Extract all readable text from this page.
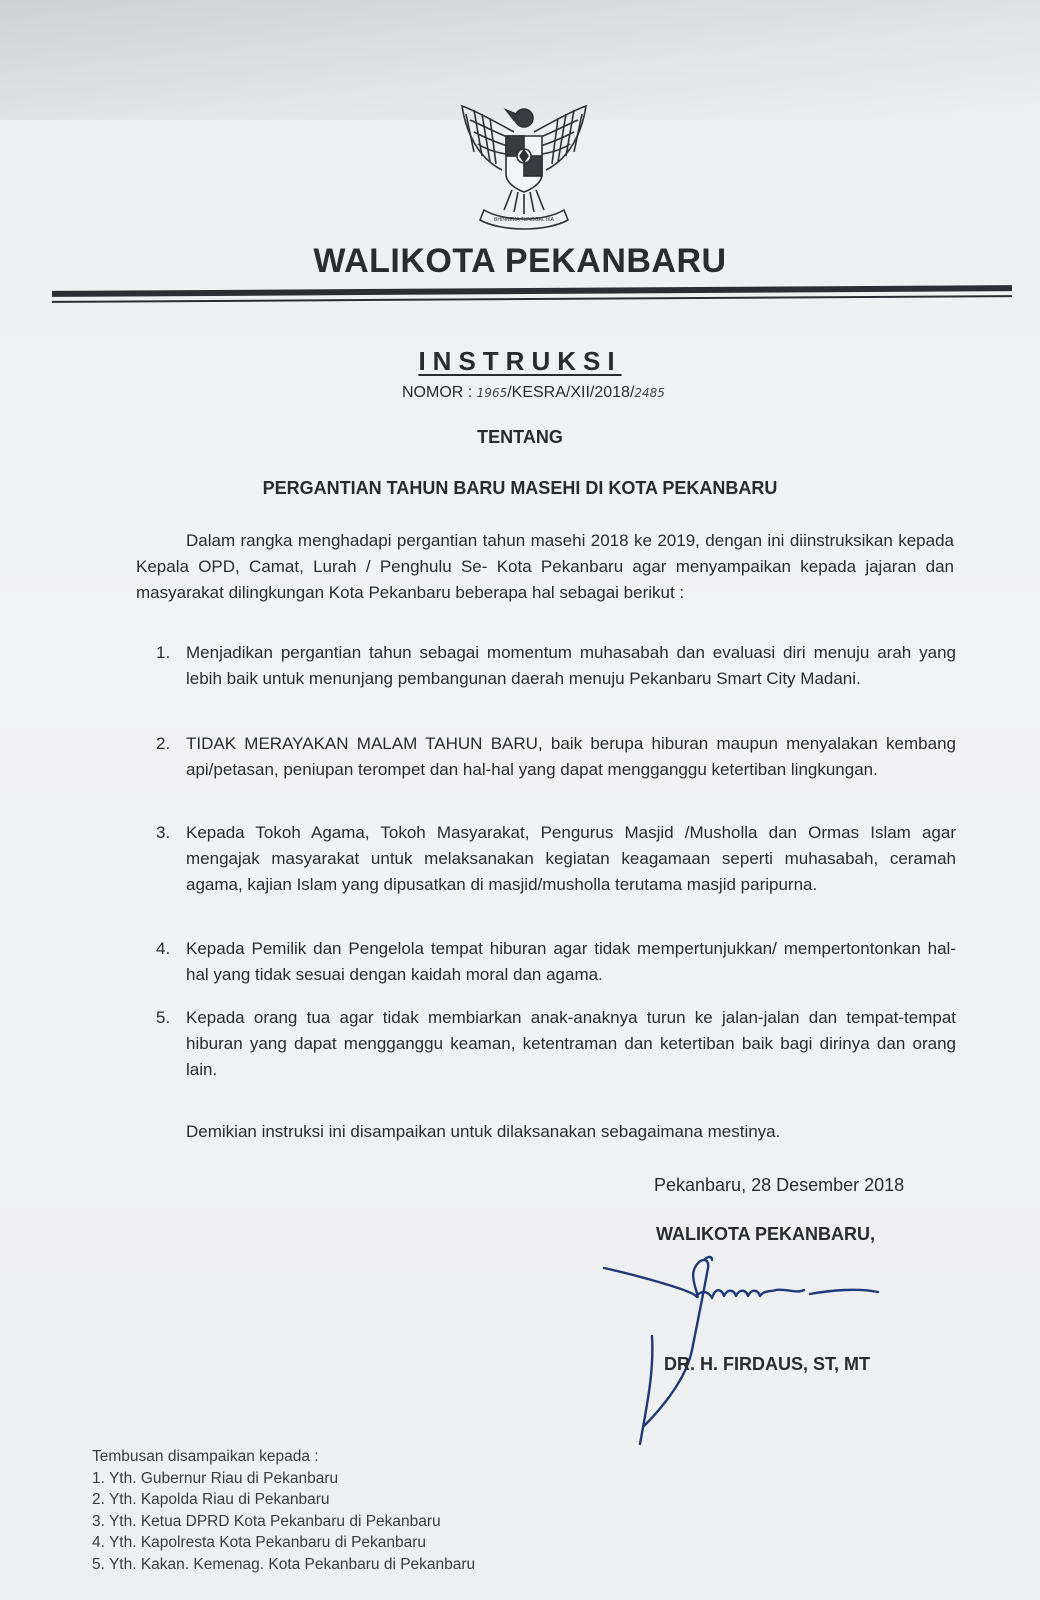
BHINNEKA TUNGGAL IKA
WALIKOTA PEKANBARU
INSTRUKSI
NOMOR : 1965/KESRA/XII/2018/2485
TENTANG
PERGANTIAN TAHUN BARU MASEHI DI KOTA PEKANBARU
Dalam rangka menghadapi pergantian tahun masehi 2018 ke 2019, dengan ini diinstruksikan kepada Kepala OPD, Camat, Lurah / Penghulu Se- Kota Pekanbaru agar menyampaikan kepada jajaran dan masyarakat dilingkungan Kota Pekanbaru beberapa hal sebagai berikut :
1. Menjadikan pergantian tahun sebagai momentum muhasabah dan evaluasi diri menuju arah yang lebih baik untuk menunjang pembangunan daerah menuju Pekanbaru Smart City Madani.
2. TIDAK MERAYAKAN MALAM TAHUN BARU, baik berupa hiburan maupun menyalakan kembang api/petasan, peniupan terompet dan hal-hal yang dapat mengganggu ketertiban lingkungan.
3. Kepada Tokoh Agama, Tokoh Masyarakat, Pengurus Masjid /Musholla dan Ormas Islam agar mengajak masyarakat untuk melaksanakan kegiatan keagamaan seperti muhasabah, ceramah agama, kajian Islam yang dipusatkan di masjid/musholla terutama masjid paripurna.
4. Kepada Pemilik dan Pengelola tempat hiburan agar tidak mempertunjukkan/ mempertontonkan hal-hal yang tidak sesuai dengan kaidah moral dan agama.
5. Kepada orang tua agar tidak membiarkan anak-anaknya turun ke jalan-jalan dan tempat-tempat hiburan yang dapat mengganggu keaman, ketentraman dan ketertiban baik bagi dirinya dan orang lain.
Demikian instruksi ini disampaikan untuk dilaksanakan sebagaimana mestinya.
Pekanbaru, 28 Desember 2018
WALIKOTA PEKANBARU,
DR. H. FIRDAUS, ST, MT
Tembusan disampaikan kepada :
1. Yth. Gubernur Riau di Pekanbaru
2. Yth. Kapolda Riau di Pekanbaru
3. Yth. Ketua DPRD Kota Pekanbaru di Pekanbaru
4. Yth. Kapolresta Kota Pekanbaru di Pekanbaru
5. Yth. Kakan. Kemenag. Kota Pekanbaru di Pekanbaru
